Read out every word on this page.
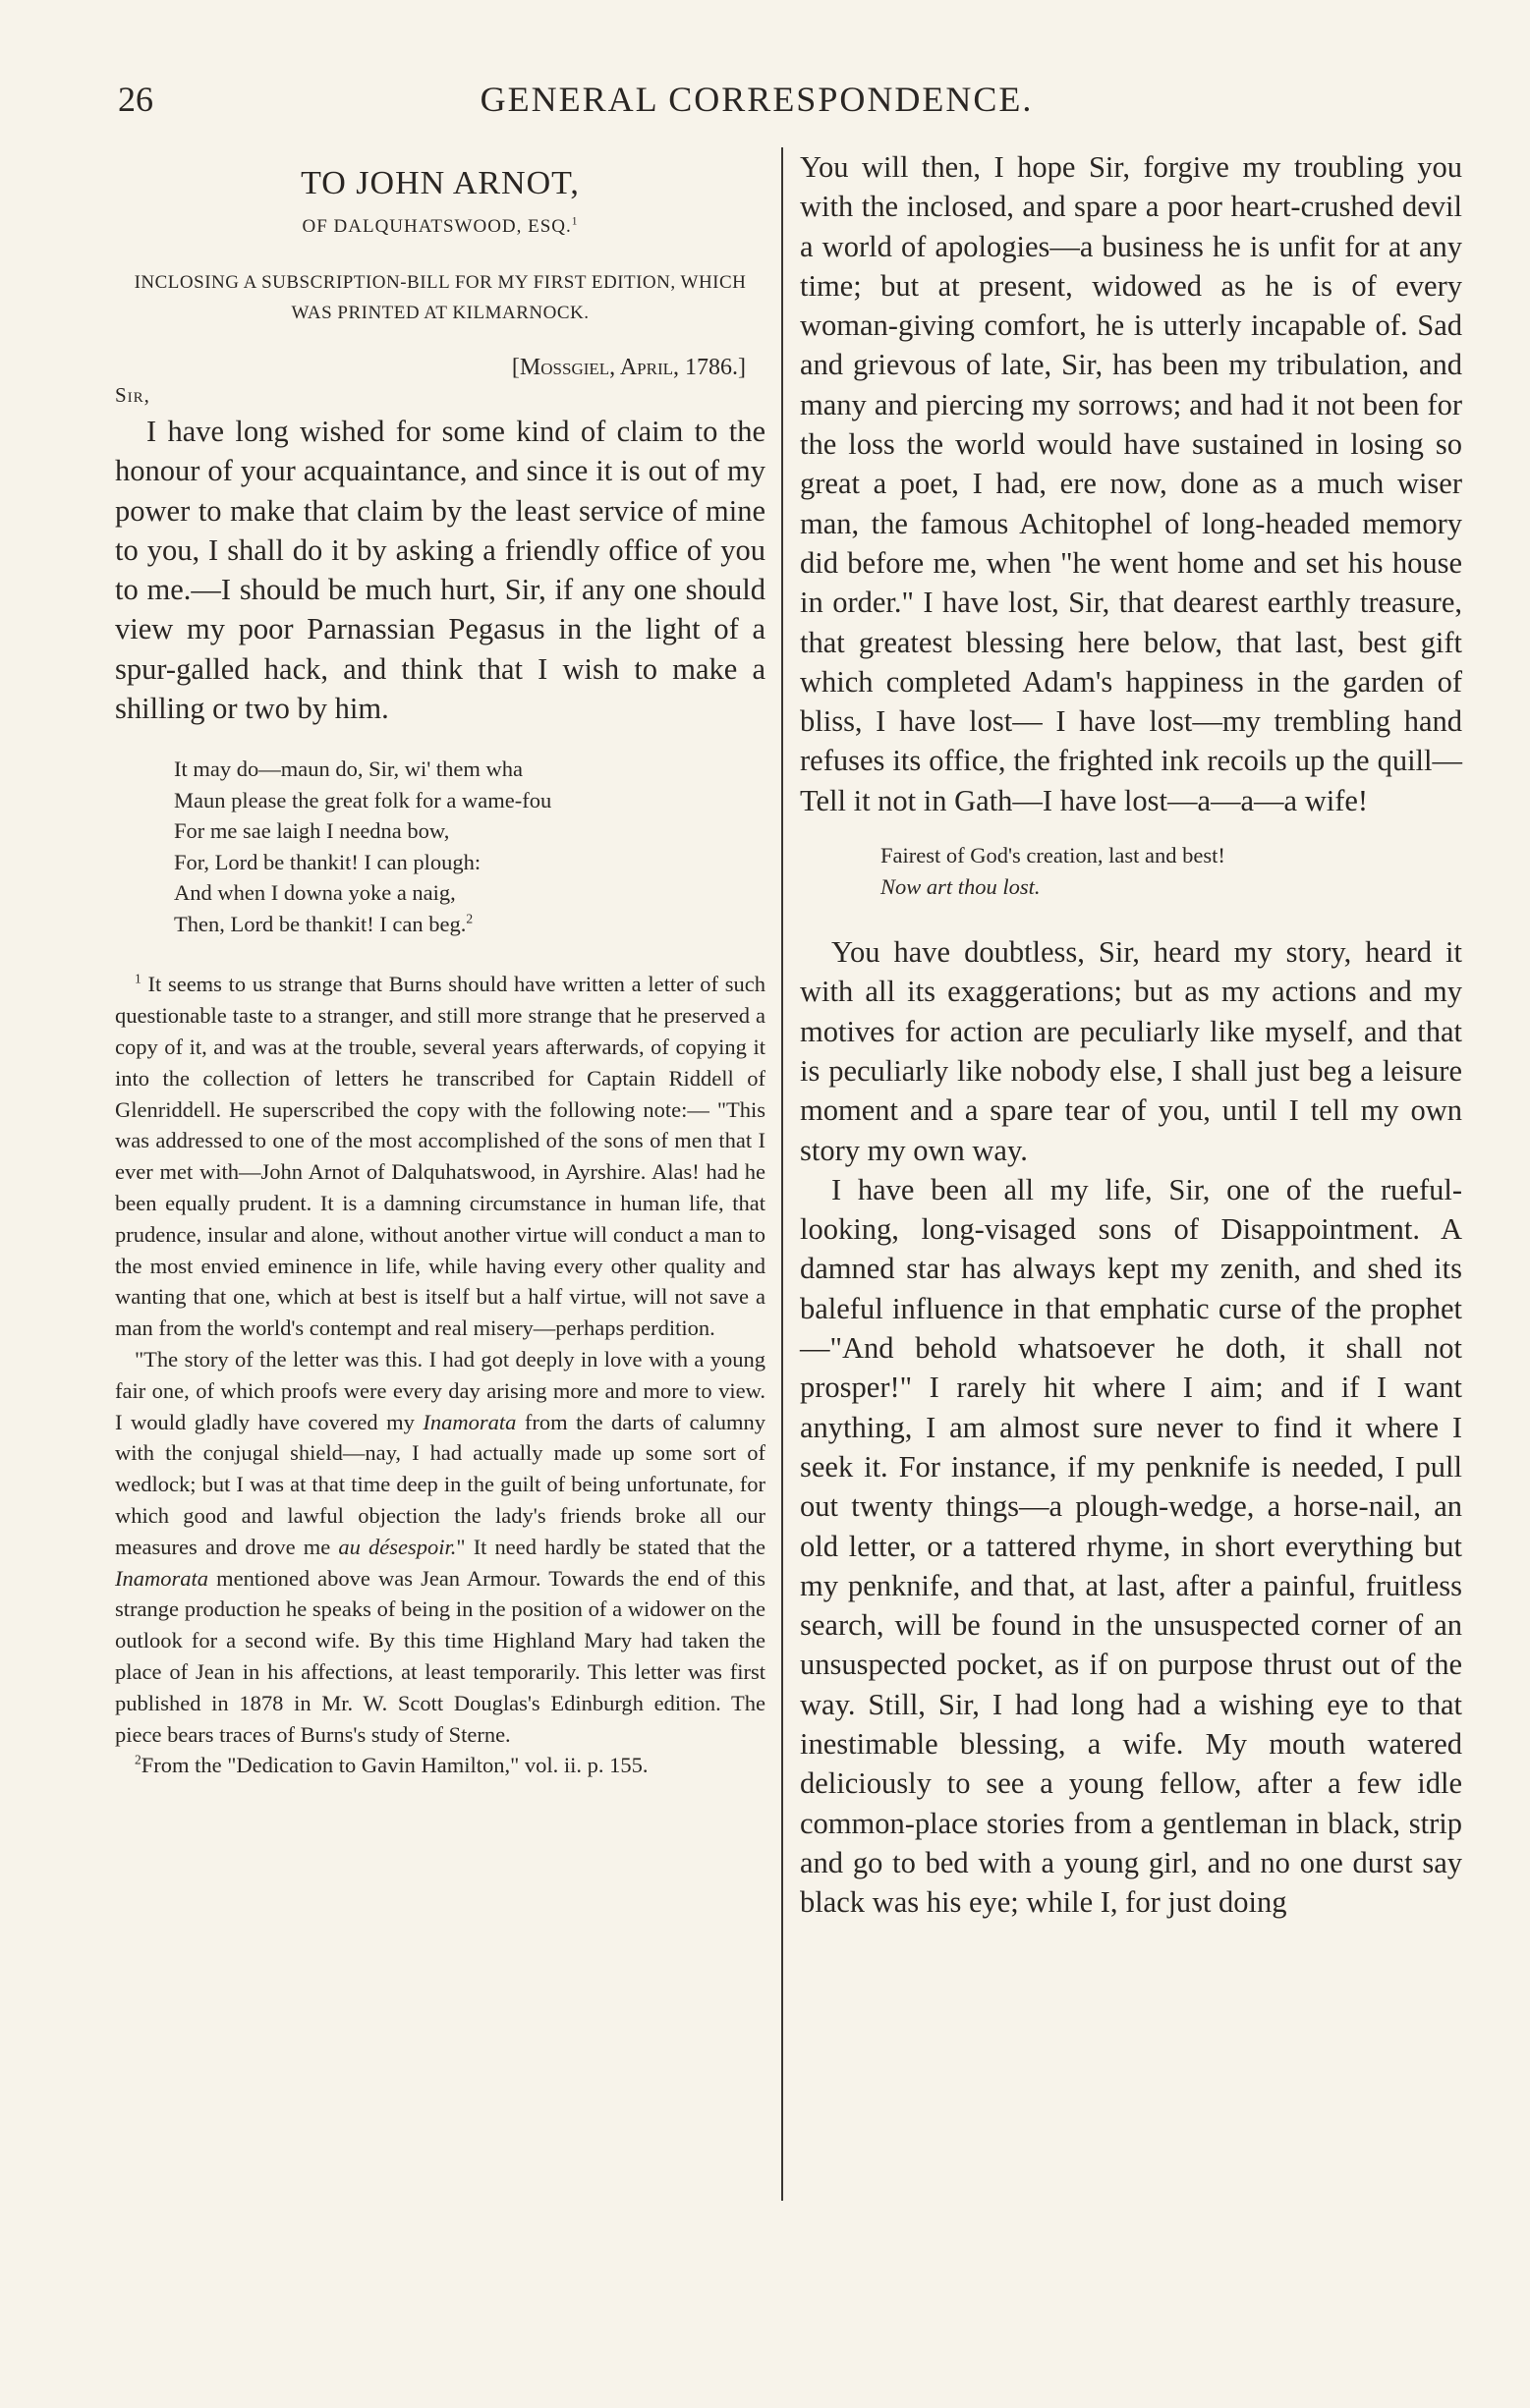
26	GENERAL CORRESPONDENCE.
TO JOHN ARNOT,

OF DALQUHATSWOOD, ESQ.$^1$

INCLOSING A SUBSCRIPTION-BILL FOR MY FIRST EDITION, WHICH WAS PRINTED AT KILMARNOCK.

[Mossgiel, April, 1786.]

Sir,

I have long wished for some kind of claim to the honour of your acquaintance, and since it is out of my power to make that claim by the least service of mine to you, I shall do it by asking a friendly office of you to me.—I should be much hurt, Sir, if any one should view my poor Parnassian Pegasus in the light of a spur-galled hack, and think that I wish to make a shilling or two by him.

It may do—maun do, Sir, wi' them wha
Maun please the great folk for a wame-fou
For me sae laigh I needna bow,
For, Lord be thankit! I can plough:
And when I downa yoke a naig,
Then, Lord be thankit! I can beg.$^2$

$^1$ It seems to us strange that Burns should have written a letter of such questionable taste to a stranger, and still more strange that he preserved a copy of it, and was at the trouble, several years afterwards, of copying it into the collection of letters he transcribed for Captain Riddell of Glenriddell. He superscribed the copy with the following note:— "This was addressed to one of the most accomplished of the sons of men that I ever met with—John Arnot of Dalquhatswood, in Ayrshire. Alas! had he been equally prudent. It is a damning circumstance in human life, that prudence, insular and alone, without another virtue will conduct a man to the most envied eminence in life, while having every other quality and wanting that one, which at best is itself but a half virtue, will not save a man from the world's contempt and real misery—perhaps perdition.

"The story of the letter was this. I had got deeply in love with a young fair one, of which proofs were every day arising more and more to view. I would gladly have covered my Inamorata from the darts of calumny with the conjugal shield—nay, I had actually made up some sort of wedlock; but I was at that time deep in the guilt of being unfortunate, for which good and lawful objection the lady's friends broke all our measures and drove me au désespoir." It need hardly be stated that the Inamorata mentioned above was Jean Armour. Towards the end of this strange production he speaks of being in the position of a widower on the outlook for a second wife. By this time Highland Mary had taken the place of Jean in his affections, at least temporarily. This letter was first published in 1878 in Mr. W. Scott Douglas's Edinburgh edition. The piece bears traces of Burns's study of Sterne.

$^2$From the "Dedication to Gavin Hamilton," vol. ii. p. 155.

You will then, I hope Sir, forgive my troubling you with the inclosed, and spare a poor heart-crushed devil a world of apologies—a business he is unfit for at any time; but at present, widowed as he is of every woman-giving comfort, he is utterly incapable of. Sad and grievous of late, Sir, has been my tribulation, and many and piercing my sorrows; and had it not been for the loss the world would have sustained in losing so great a poet, I had, ere now, done as a much wiser man, the famous Achitophel of long-headed memory did before me, when "he went home and set his house in order." I have lost, Sir, that dearest earthly treasure, that greatest blessing here below, that last, best gift which completed Adam's happiness in the garden of bliss, I have lost— I have lost—my trembling hand refuses its office, the frighted ink recoils up the quill— Tell it not in Gath—I have lost—a—a—a wife!

Fairest of God's creation, last and best!
Now art thou lost.

You have doubtless, Sir, heard my story, heard it with all its exaggerations; but as my actions and my motives for action are peculiarly like myself, and that is peculiarly like nobody else, I shall just beg a leisure moment and a spare tear of you, until I tell my own story my own way.

I have been all my life, Sir, one of the rueful-looking, long-visaged sons of Disappointment. A damned star has always kept my zenith, and shed its baleful influence in that emphatic curse of the prophet—"And behold whatsoever he doth, it shall not prosper!" I rarely hit where I aim; and if I want anything, I am almost sure never to find it where I seek it. For instance, if my penknife is needed, I pull out twenty things—a plough-wedge, a horse-nail, an old letter, or a tattered rhyme, in short everything but my penknife, and that, at last, after a painful, fruitless search, will be found in the unsuspected corner of an unsuspected pocket, as if on purpose thrust out of the way. Still, Sir, I had long had a wishing eye to that inestimable blessing, a wife. My mouth watered deliciously to see a young fellow, after a few idle common-place stories from a gentleman in black, strip and go to bed with a young girl, and no one durst say black was his eye; while I, for just doing
